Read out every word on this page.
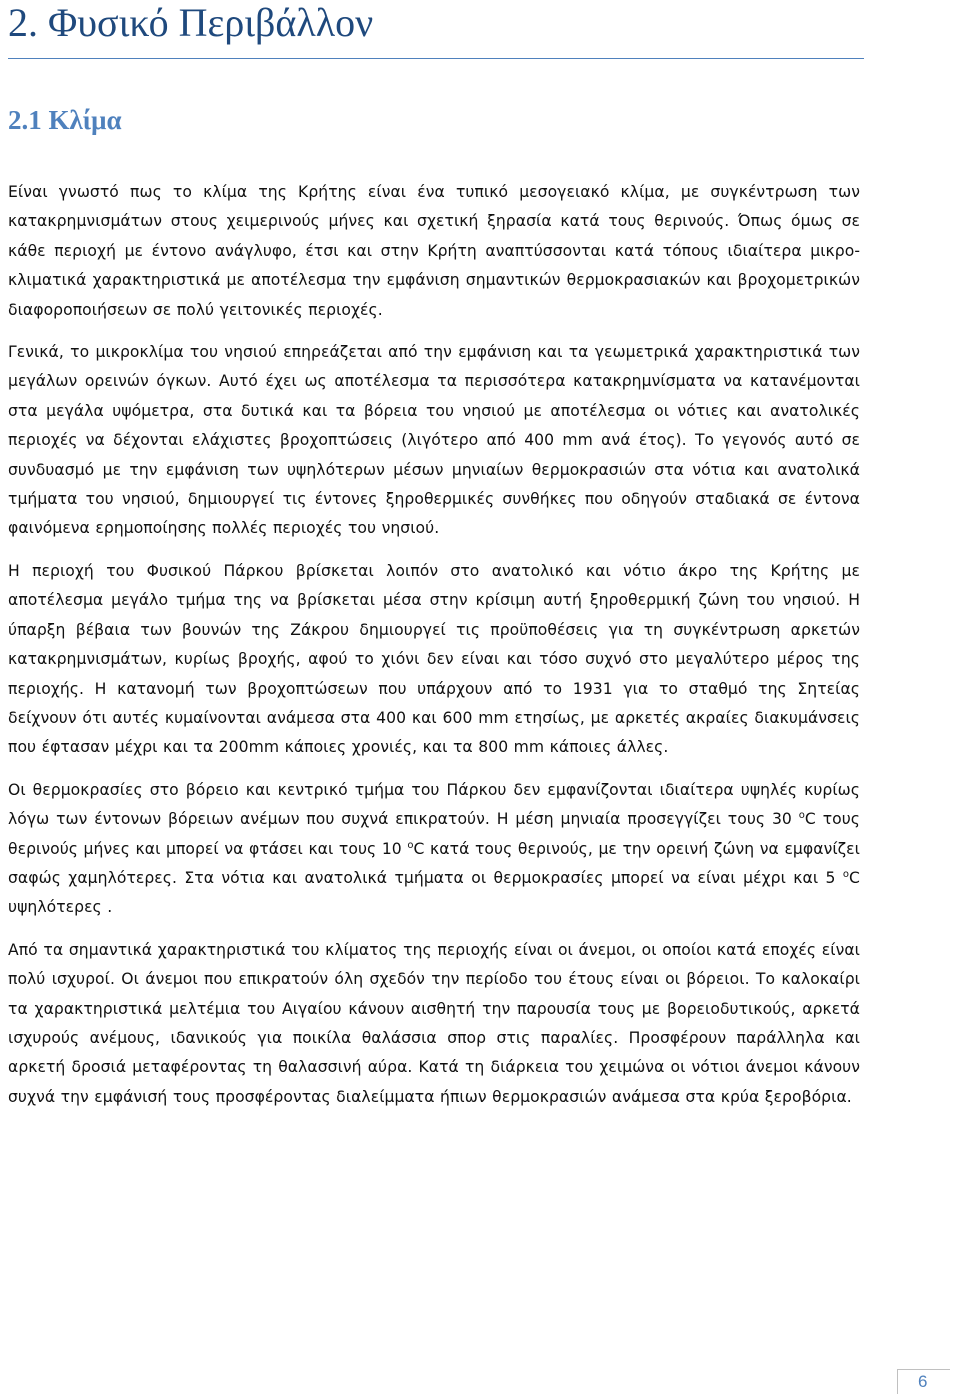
2. Φυσικό Περιβάλλον
2.1 Κλίμα

Είναι γνωστό πως το κλίμα της Κρήτης είναι ένα τυπικό μεσογειακό κλίμα, με συγκέντρωση των κατακρημνισμάτων στους χειμερινούς μήνες και σχετική ξηρασία κατά τους θερινούς. Όπως όμως σε κάθε περιοχή με έντονο ανάγλυφο, έτσι και στην Κρήτη αναπτύσσονται κατά τόπους ιδιαίτερα μικρο-κλιματικά χαρακτηριστικά με αποτέλεσμα την εμφάνιση σημαντικών θερμοκρασιακών και βροχομετρικών διαφοροποιήσεων σε πολύ γειτονικές περιοχές.

Γενικά, το μικροκλίμα του νησιού επηρεάζεται από την εμφάνιση και τα γεωμετρικά χαρακτηριστικά των μεγάλων ορεινών όγκων. Αυτό έχει ως αποτέλεσμα τα περισσότερα κατακρημνίσματα να κατανέμονται στα μεγάλα υψόμετρα, στα δυτικά και τα βόρεια του νησιού με αποτέλεσμα οι νότιες και ανατολικές περιοχές να δέχονται ελάχιστες βροχοπτώσεις (λιγότερο από 400 mm ανά έτος). Το γεγονός αυτό σε συνδυασμό με την εμφάνιση των υψηλότερων μέσων μηνιαίων θερμοκρασιών στα νότια και ανατολικά τμήματα του νησιού, δημιουργεί τις έντονες ξηροθερμικές συνθήκες που οδηγούν σταδιακά σε έντονα φαινόμενα ερημοποίησης πολλές περιοχές του νησιού.

Η περιοχή του Φυσικού Πάρκου βρίσκεται λοιπόν στο ανατολικό και νότιο άκρο της Κρήτης με αποτέλεσμα μεγάλο τμήμα της να βρίσκεται μέσα στην κρίσιμη αυτή ξηροθερμική ζώνη του νησιού. Η ύπαρξη βέβαια των βουνών της Ζάκρου δημιουργεί τις προϋποθέσεις για τη συγκέντρωση αρκετών κατακρημνισμάτων, κυρίως βροχής, αφού το χιόνι δεν είναι και τόσο συχνό στο μεγαλύτερο μέρος της περιοχής. Η κατανομή των βροχοπτώσεων που υπάρχουν από το 1931 για το σταθμό της Σητείας δείχνουν ότι αυτές κυμαίνονται ανάμεσα στα 400 και 600 mm ετησίως, με αρκετές ακραίες διακυμάνσεις που έφτασαν μέχρι και τα 200mm κάποιες χρονιές, και τα 800 mm κάποιες άλλες.

Οι θερμοκρασίες στο βόρειο και κεντρικό τμήμα του Πάρκου δεν εμφανίζονται ιδιαίτερα υψηλές κυρίως λόγω των έντονων βόρειων ανέμων που συχνά επικρατούν. Η μέση μηνιαία προσεγγίζει τους 30 $^o$C τους θερινούς μήνες και μπορεί να φτάσει και τους 10 $^o$C κατά τους θερινούς, με την ορεινή ζώνη να εμφανίζει σαφώς χαμηλότερες. Στα νότια και ανατολικά τμήματα οι θερμοκρασίες μπορεί να είναι μέχρι και 5 $^o$C υψηλότερες .

Από τα σημαντικά χαρακτηριστικά του κλίματος της περιοχής είναι οι άνεμοι, οι οποίοι κατά εποχές είναι πολύ ισχυροί. Οι άνεμοι που επικρατούν όλη σχεδόν την περίοδο του έτους είναι οι βόρειοι. Το καλοκαίρι τα χαρακτηριστικά μελτέμια του Αιγαίου κάνουν αισθητή την παρουσία τους με βορειοδυτικούς, αρκετά ισχυρούς ανέμους, ιδανικούς για ποικίλα θαλάσσια σπορ στις παραλίες. Προσφέρουν παράλληλα και αρκετή δροσιά μεταφέροντας τη θαλασσινή αύρα. Κατά τη διάρκεια του χειμώνα οι νότιοι άνεμοι κάνουν συχνά την εμφάνισή τους προσφέροντας διαλείμματα ήπιων θερμοκρασιών ανάμεσα στα κρύα ξεροβόρια.

6
